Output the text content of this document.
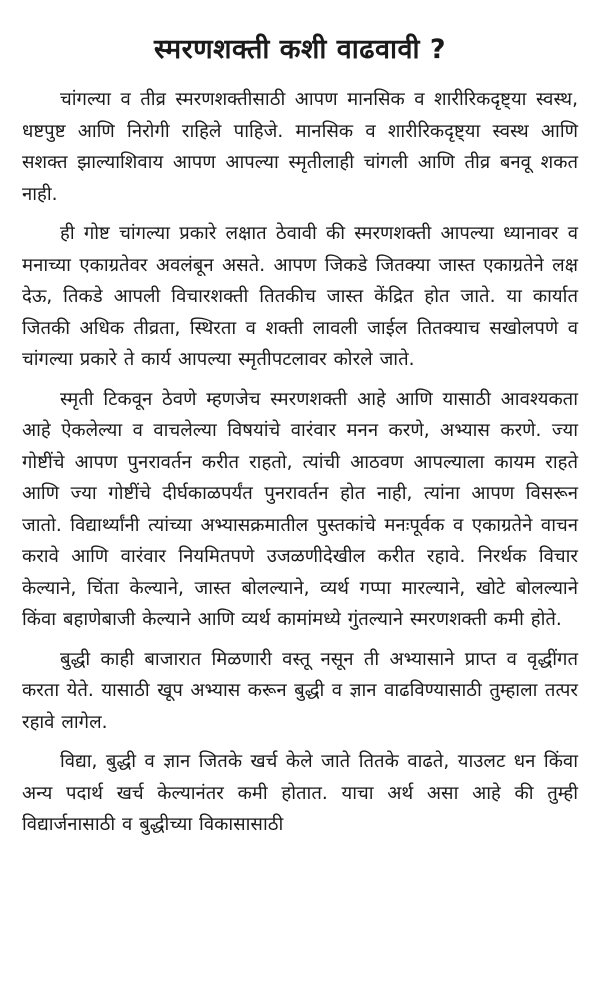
स्मरणशक्ती कशी वाढवावी ?

चांगल्या व तीव्र स्मरणशक्तीसाठी आपण मानसिक व शारीरिकदृष्ट्या स्वस्थ, धष्टपुष्ट आणि निरोगी राहिले पाहिजे. मानसिक व शारीरिकदृष्ट्या स्वस्थ आणि सशक्त झाल्याशिवाय आपण आपल्या स्मृतीलाही चांगली आणि तीव्र बनवू शकत नाही.

ही गोष्ट चांगल्या प्रकारे लक्षात ठेवावी की स्मरणशक्ती आपल्या ध्यानावर व मनाच्या एकाग्रतेवर अवलंबून असते. आपण जिकडे जितक्या जास्त एकाग्रतेने लक्ष देऊ, तिकडे आपली विचारशक्ती तितकीच जास्त केंद्रित होत जाते. या कार्यात जितकी अधिक तीव्रता, स्थिरता व शक्ती लावली जाईल तितक्याच सखोलपणे व चांगल्या प्रकारे ते कार्य आपल्या स्मृतीपटलावर कोरले जाते.

स्मृती टिकवून ठेवणे म्हणजेच स्मरणशक्ती आहे आणि यासाठी आवश्यकता आहे ऐकलेल्या व वाचलेल्या विषयांचे वारंवार मनन करणे, अभ्यास करणे. ज्या गोष्टींचे आपण पुनरावर्तन करीत राहतो, त्यांची आठवण आपल्याला कायम राहते आणि ज्या गोष्टींचे दीर्घकाळपर्यंत पुनरावर्तन होत नाही, त्यांना आपण विसरून जातो. विद्यार्थ्यांनी त्यांच्या अभ्यासक्रमातील पुस्तकांचे मनःपूर्वक व एकाग्रतेने वाचन करावे आणि वारंवार नियमितपणे उजळणीदेखील करीत रहावे. निरर्थक विचार केल्याने, चिंता केल्याने, जास्त बोलल्याने, व्यर्थ गप्पा मारल्याने, खोटे बोलल्याने किंवा बहाणेबाजी केल्याने आणि व्यर्थ कामांमध्ये गुंतल्याने स्मरणशक्ती कमी होते.

बुद्धी काही बाजारात मिळणारी वस्तू नसून ती अभ्यासाने प्राप्त व वृद्धींगत करता येते. यासाठी खूप अभ्यास करून बुद्धी व ज्ञान वाढविण्यासाठी तुम्हाला तत्पर रहावे लागेल.

विद्या, बुद्धी व ज्ञान जितके खर्च केले जाते तितके वाढते, याउलट धन किंवा अन्य पदार्थ खर्च केल्यानंतर कमी होतात. याचा अर्थ असा आहे की तुम्ही विद्यार्जनासाठी व बुद्धीच्या विकासासाठी
